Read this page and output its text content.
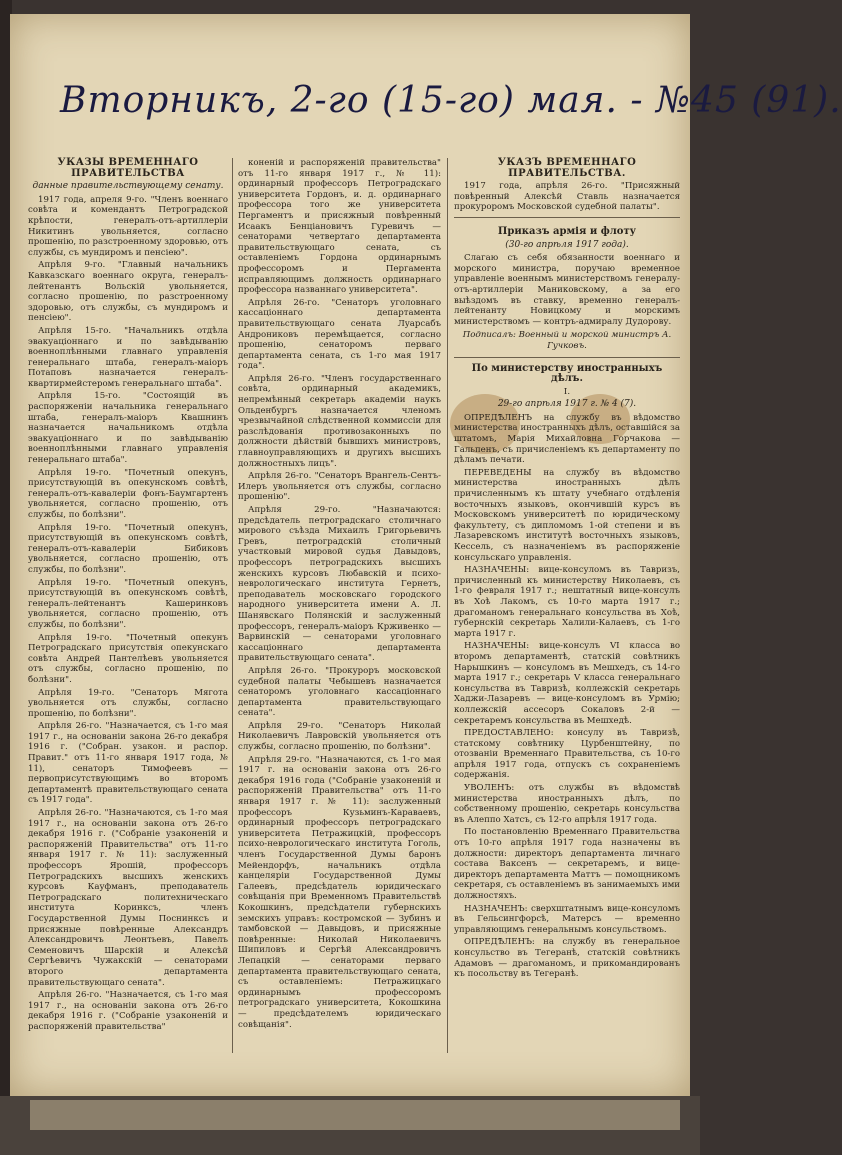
Вторникъ, 2-го (15-го) мая. - №45 (91).
УКАЗЫ ВРЕМЕННАГО ПРАВИТЕЛЬСТВА
данные правительствующему сенату.

1917 года, апреля 9-го. "Членъ военнаго совѣта и комендантъ Петроградской крѣпости, генералъ-отъ-артиллеріи Никитинъ увольняется, согласно прошенію, по разстроенному здоровью, отъ службы, съ мундиромъ и пенсіею".

Апрѣля 9-го. "Главный начальникъ Кавказскаго военнаго округа, генералъ-лейтенантъ Вольскій увольняется, согласно прошенію, по разстроенному здоровью, отъ службы, съ мундиромъ и пенсіею".

Апрѣля 15-го. "Начальникъ отдѣла эвакуаціоннаго и по завѣдыванію военноплѣнными главнаго управленія генеральнаго штаба, генералъ-маіоръ Потаповъ назначается генералъ-квартирмейстеромъ генеральнаго штаба".

Апрѣля 15-го. "Состоящій въ распоряженіи начальника генеральнаго штаба, генералъ-маіоръ Квашнинъ назначается начальникомъ отдѣла эвакуаціоннаго и по завѣдыванію военноплѣнными главнаго управленія генеральнаго штаба".

Апрѣля 19-го. "Почетный опекунъ, присутствующій въ опекунскомъ совѣтѣ, генералъ-отъ-кавалеріи фонъ-Баумгартенъ увольняется, согласно прошенію, отъ службы, по болѣзни".

Апрѣля 19-го. "Почетный опекунъ, присутствующій въ опекунскомъ совѣтѣ, генералъ-отъ-кавалеріи Бибиковъ увольняется, согласно прошенію, отъ службы, по болѣзни".

Апрѣля 19-го. "Почетный опекунъ, присутствующій въ опекунскомъ совѣтѣ, генералъ-лейтенантъ Кашеринковъ увольняется, согласно прошенію, отъ службы, по болѣзни".

Апрѣля 19-го. "Почетный опекунъ Петроградскаго присутствія опекунскаго совѣта Андрей Пантелѣевъ увольняется отъ службы, согласно прошенію, по болѣзни".

Апрѣля 19-го. "Сенаторъ Мягота увольняется отъ службы, согласно прошенію, по болѣзни".

Апрѣля 26-го. "Назначается, съ 1-го мая 1917 г., на основаніи закона 26-го декабря 1916 г. ("Собран. узакон. и распор. Правит." отъ 11-го января 1917 года, № 11), сенаторъ Тимофеевъ — первоприсутствующимъ во второмъ департаментѣ правительствующаго сената съ 1917 года".

Апрѣля 26-го. "Назначаются, съ 1-го мая 1917 г., на основаніи закона отъ 26-го декабря 1916 г. ("Собраніе узаконеній и распоряженій Правительства" отъ 11-го января 1917 г. № 11): заслуженный профессоръ Ярошій, профессоръ Петроградскихъ высшихъ женскихъ курсовъ Кауфманъ, преподаватель Петроградскаго политехническаго института Коринксъ, членъ Государственной Думы Поснинксъ и присяжные повѣренные Александръ Александровичъ Леонтьевъ, Павелъ Семеновичъ Шарскій и Алексѣй Сергѣевичъ Чужакскій — сенаторами второго департамента правительствующаго сената".

Апрѣля 26-го. "Назначается, съ 1-го мая 1917 г., на основаніи закона отъ 26-го декабря 1916 г. ("Собраніе узаконеній и распоряженій правительства"

коненій и распоряженій правительства" отъ 11-го января 1917 г., № 11): ординарный профессоръ Петроградскаго университета Гордонъ, и. д. ординарнаго профессора того же университета Пергаментъ и присяжный повѣренный Исаакъ Бенціановичъ Гуревичъ — сенаторами четвертаго департамента правительствующаго сената, съ оставленіемъ Гордона ординарнымъ профессоромъ и Пергамента исправляющимъ должность ординарнаго профессора названнаго университета".

Апрѣля 26-го. "Сенаторъ уголовнаго кассаціоннаго департамента правительствующаго сената Луарсабъ Андрониковъ перемѣщается, согласно прошенію, сенаторомъ перваго департамента сената, съ 1-го мая 1917 года".

Апрѣля 26-го. "Членъ государственнаго совѣта, ординарный академикъ, непремѣнный секретарь академіи наукъ Ольденбургъ назначается членомъ чрезвычайной слѣдственной коммиссіи для разслѣдованія противозаконныхъ по должности дѣйствій бывшихъ министровъ, главноуправляющихъ и другихъ высшихъ должностныхъ лицъ".

Апрѣля 26-го. "Сенаторъ Врангель-Сентъ-Илеръ увольняется отъ службы, согласно прошенію".

Апрѣля 29-го. "Назначаются: предсѣдатель петроградскаго столичнаго мирового съѣзда Михаилъ Григорьевичъ Гревъ, петроградскій столичный участковый мировой судья Давыдовъ, профессоръ петроградскихъ высшихъ женскихъ курсовъ Любавскій и психо-неврологическаго института Гернетъ, преподаватель московскаго городского народного университета имени А. Л. Шанявскаго Полянскій и заслуженный профессоръ, генералъ-маіоръ Крживенко — Варвинскій — сенаторами уголовнаго кассаціоннаго департамента правительствующаго сената".

Апрѣля 26-го. "Прокуроръ московской судебной палаты Чебышевъ назначается сенаторомъ уголовнаго кассаціоннаго департамента правительствующаго сената".

Апрѣля 29-го. "Сенаторъ Николай Николаевичъ Лавровскій увольняется отъ службы, согласно прошенію, по болѣзни".

Апрѣля 29-го. "Назначаются, съ 1-го мая 1917 г. на основаніи закона отъ 26-го декабря 1916 года ("Собраніе узаконеній и распоряженій Правительства" отъ 11-го января 1917 г. № 11): заслуженный профессоръ Кузьминъ-Караваевъ, ординарный профессоръ петроградскаго университета Петражицкій, профессоръ психо-неврологическаго института Гоголь, членъ Государственной Думы баронъ Мейендорфъ, начальникъ отдѣла канцеляріи Государственной Думы Галеевъ, предсѣдатель юридическаго совѣщанія при Временномъ Правительствѣ Кокошкинъ, предсѣдатели губернскихъ земскихъ управъ: костромской — Зубинъ и тамбовской — Давыдовъ, и присяжные повѣренные: Николай Николаевичъ Шипиловъ и Сергѣй Александровичъ Лепацкій — сенаторами перваго департамента правительствующаго сената, съ оставленіемъ: Петражицкаго ординарнымъ профессоромъ петроградскаго университета, Кокошкина — предсѣдателемъ юридическаго совѣщанія".

УКАЗЪ ВРЕМЕННАГО ПРАВИТЕЛЬСТВА.

1917 года, апрѣля 26-го. "Присяжный повѣренный Алексѣй Ставль назначается прокуроромъ Московской судебной палаты".

Приказъ армія и флоту
(30-го апрѣля 1917 года).

Слагаю съ себя обязанности военнаго и морского министра, поручаю временное управленіе военнымъ министерствомъ генералу-отъ-артиллеріи Маниковскому, а за его выѣздомъ въ ставку, временно генералъ-лейтенанту Новицкому и морскимъ министерствомъ — контръ-адмиралу Дудорову.

Подписалъ: Военный и морской министръ А. Гучковъ.

По министерству иностранныхъ дѣлъ.

I.

29-го апрѣля 1917 г. № 4 (7).

ОПРЕДѢЛЕНЪ на службу въ вѣдомство министерства иностранныхъ дѣлъ, оставшійся за штатомъ, Марія Михайловна Горчакова — Гальпенъ, съ причисленіемъ къ департаменту по дѣламъ печати.

ПЕРЕВЕДЕНЫ на службу въ вѣдомство министерства иностранныхъ дѣлъ причисленнымъ къ штату учебнаго отдѣленія восточныхъ языковъ, окончившій курсъ въ Московскомъ университетѣ по юридическому факультету, съ дипломомъ 1-ой степени и въ Лазаревскомъ институтѣ восточныхъ языковъ, Кессель, съ назначеніемъ въ распоряженіе консульскаго управленія.

НАЗНАЧЕНЫ: вице-консуломъ въ Тавризъ, причисленный къ министерству Николаевъ, съ 1-го февраля 1917 г.; нештатный вице-консулъ въ Хоѣ Лакомъ, съ 10-го марта 1917 г.; драгоманомъ генеральнаго консульства въ Хоѣ, губернскій секретарь Халили-Калаевъ, съ 1-го марта 1917 г.

НАЗНАЧЕНЫ: вице-консулъ VI класса во второмъ департаментѣ, статскій совѣтникъ Нарышкинъ — консуломъ въ Мешхедъ, съ 14-го марта 1917 г.; секретарь V класса генеральнаго консульства въ Тавризѣ, коллежскій секретарь Хаджи-Лазаревъ — вице-консуломъ въ Урмію; коллежскій ассесоръ Сокаловъ 2-й — секретаремъ консульства въ Мешхедѣ.

ПРЕДОСТАВЛЕНО: консулу въ Тавризѣ, статскому совѣтнику Цурбенштейну, по отозваніи Временнаго Правительства, съ 10-го апрѣля 1917 года, отпускъ съ сохраненіемъ содержанія.

УВОЛЕНЪ: отъ службы въ вѣдомствѣ министерства иностранныхъ дѣлъ, по собственному прошенію, секретарь консульства въ Алеппо Хатсъ, съ 12-го апрѣля 1917 года.

По постановленію Временнаго Правительства отъ 10-го апрѣля 1917 года назначены въ должности: директоръ департамента личнаго состава Ваксенъ — секретаремъ, и вице-директоръ департамента Маттъ — помощникомъ секретаря, съ оставленіемъ въ занимаемыхъ ими должностяхъ.

НАЗНАЧЕНЪ: сверхштатнымъ вице-консуломъ въ Гельсингфорсѣ, Матерсъ — временно управляющимъ генеральнымъ консульствомъ.

ОПРЕДѢЛЕНЪ: на службу въ генеральное консульство въ Тегеранѣ, статскій совѣтникъ Адамовъ — драгоманомъ, и прикомандированъ къ посольству въ Тегеранѣ.
